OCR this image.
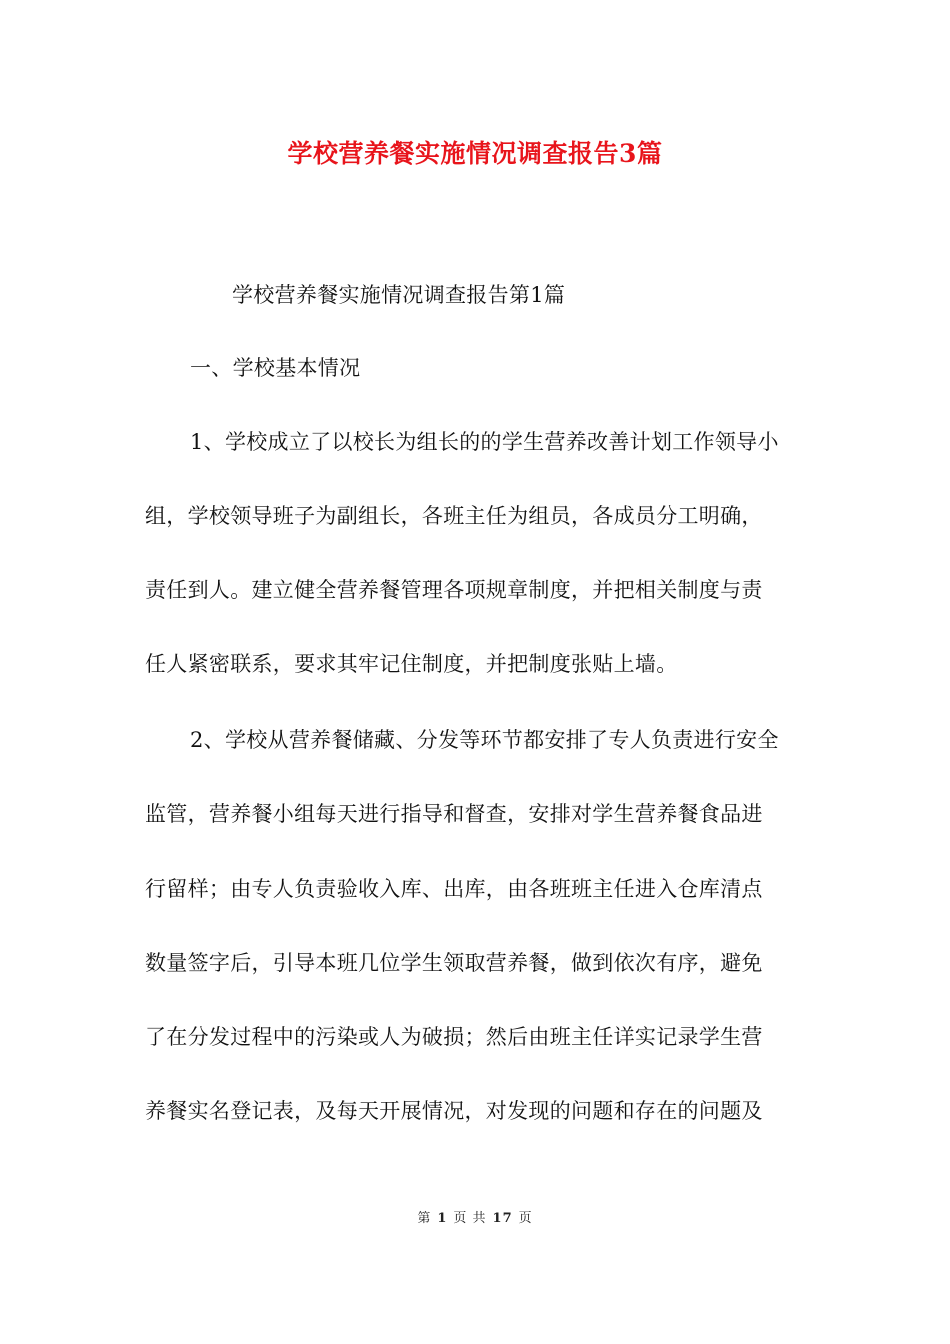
学校营养餐实施情况调查报告3篇
学校营养餐实施情况调查报告第1篇
一、学校基本情况
1、学校成立了以校长为组长的的学生营养改善计划工作领导小
组，学校领导班子为副组长，各班主任为组员，各成员分工明确，
责任到人。建立健全营养餐管理各项规章制度，并把相关制度与责
任人紧密联系，要求其牢记住制度，并把制度张贴上墙。
2、学校从营养餐储藏、分发等环节都安排了专人负责进行安全
监管，营养餐小组每天进行指导和督查，安排对学生营养餐食品进
行留样；由专人负责验收入库、出库，由各班班主任进入仓库清点
数量签字后，引导本班几位学生领取营养餐，做到依次有序，避免
了在分发过程中的污染或人为破损；然后由班主任详实记录学生营
养餐实名登记表，及每天开展情况，对发现的问题和存在的问题及
第 1 页 共 17 页
